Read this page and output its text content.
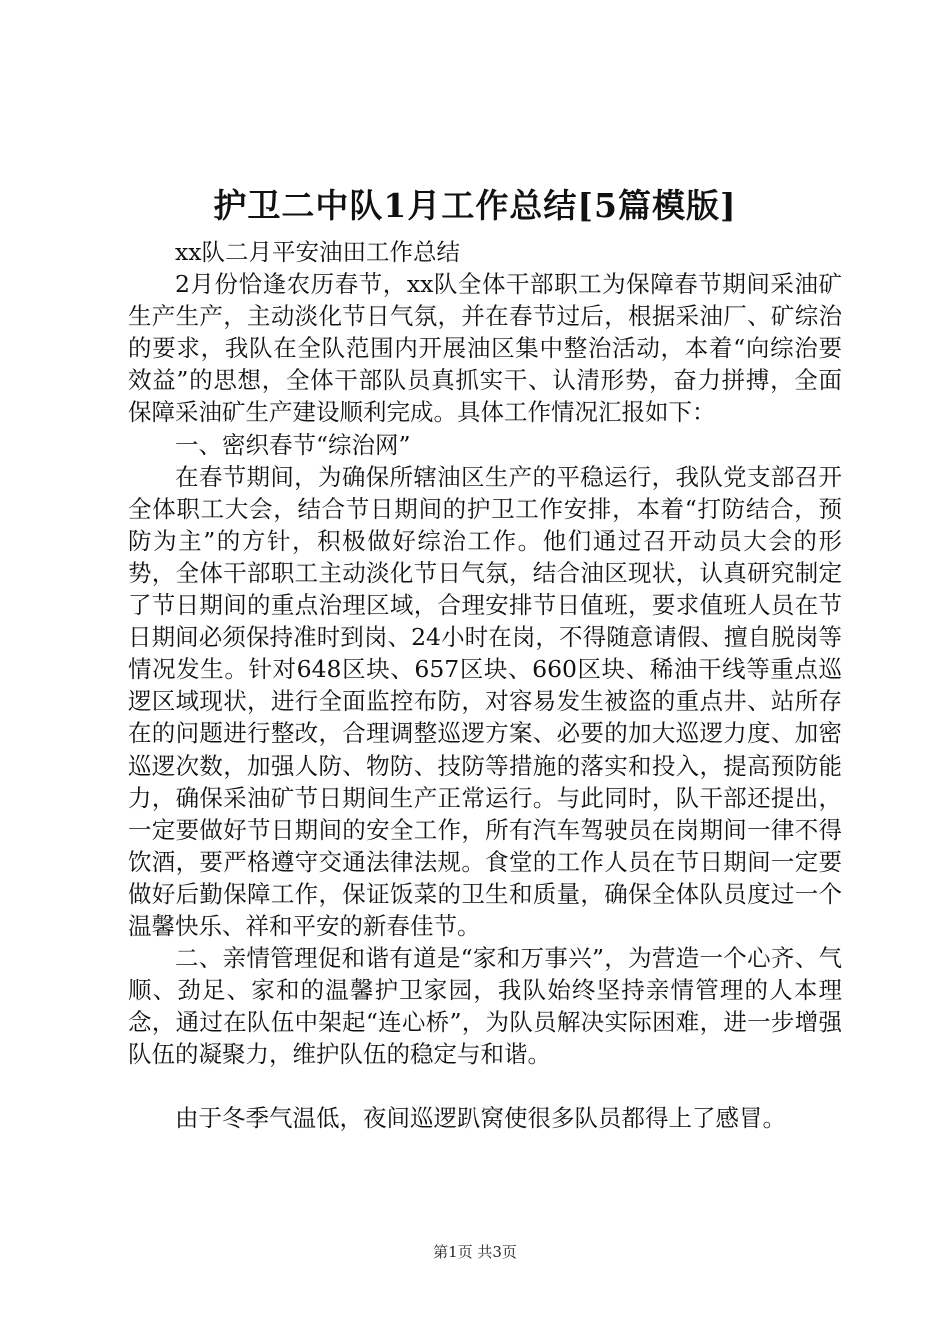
护卫二中队1月工作总结[5篇模版]

xx队二月平安油田工作总结

2月份恰逢农历春节，xx队全体干部职工为保障春节期间采油矿生产生产，主动淡化节日气氛，并在春节过后，根据采油厂、矿综治的要求，我队在全队范围内开展油区集中整治活动，本着“向综治要效益”的思想，全体干部队员真抓实干、认清形势，奋力拼搏，全面保障采油矿生产建设顺利完成。具体工作情况汇报如下：

一、密织春节“综治网”

在春节期间，为确保所辖油区生产的平稳运行，我队党支部召开全体职工大会，结合节日期间的护卫工作安排，本着“打防结合，预防为主”的方针，积极做好综治工作。他们通过召开动员大会的形势，全体干部职工主动淡化节日气氛，结合油区现状，认真研究制定了节日期间的重点治理区域，合理安排节日值班，要求值班人员在节日期间必须保持准时到岗、24小时在岗，不得随意请假、擅自脱岗等情况发生。针对648区块、657区块、660区块、稀油干线等重点巡逻区域现状，进行全面监控布防，对容易发生被盗的重点井、站所存在的问题进行整改，合理调整巡逻方案、必要的加大巡逻力度、加密巡逻次数，加强人防、物防、技防等措施的落实和投入，提高预防能力，确保采油矿节日期间生产正常运行。与此同时，队干部还提出，一定要做好节日期间的安全工作，所有汽车驾驶员在岗期间一律不得饮酒，要严格遵守交通法律法规。食堂的工作人员在节日期间一定要做好后勤保障工作，保证饭菜的卫生和质量，确保全体队员度过一个温馨快乐、祥和平安的新春佳节。

二、亲情管理促和谐有道是“家和万事兴”，为营造一个心齐、气顺、劲足、家和的温馨护卫家园，我队始终坚持亲情管理的人本理念，通过在队伍中架起“连心桥”，为队员解决实际困难，进一步增强队伍的凝聚力，维护队伍的稳定与和谐。

由于冬季气温低，夜间巡逻趴窝使很多队员都得上了感冒。

第1页 共3页
